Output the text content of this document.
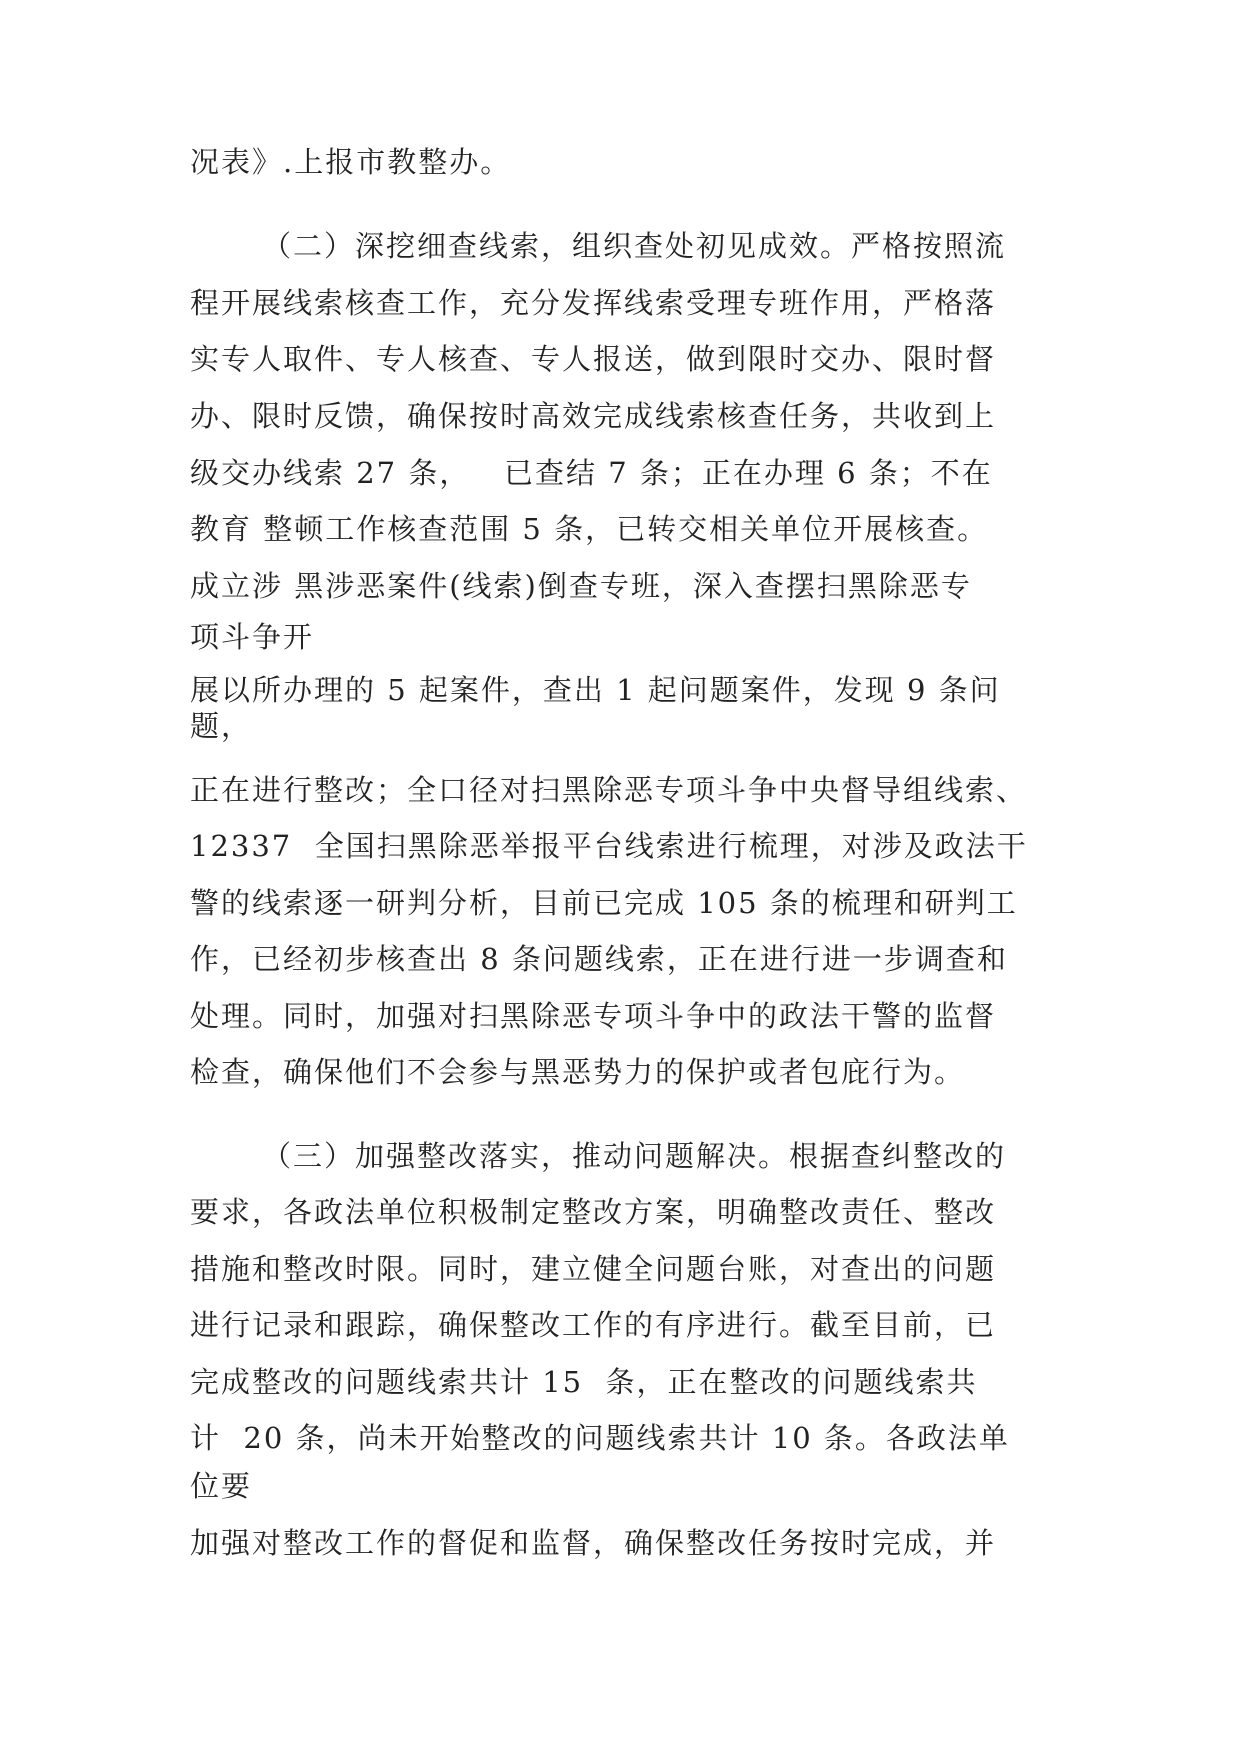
况表》.上报市教整办。
（二）深挖细查线索，组织查处初见成效。严格按照流
程开展线索核查工作，充分发挥线索受理专班作用，严格落
实专人取件、专人核查、专人报送，做到限时交办、限时督
办、限时反馈，确保按时高效完成线索核查任务，共收到上
级交办线索 27 条，   已查结 7 条；正在办理 6 条；不在
教育 整顿工作核查范围 5 条，已转交相关单位开展核查。
成立涉 黑涉恶案件(线索)倒查专班，深入查摆扫黑除恶专
项斗争开
展以所办理的 5 起案件，查出 1 起问题案件，发现 9 条问
题，
正在进行整改；全口径对扫黑除恶专项斗争中央督导组线索、
12337  全国扫黑除恶举报平台线索进行梳理，对涉及政法干
警的线索逐一研判分析，目前已完成 105 条的梳理和研判工
作，已经初步核查出 8 条问题线索，正在进行进一步调查和
处理。同时，加强对扫黑除恶专项斗争中的政法干警的监督
检查，确保他们不会参与黑恶势力的保护或者包庇行为。
（三）加强整改落实，推动问题解决。根据查纠整改的
要求，各政法单位积极制定整改方案，明确整改责任、整改
措施和整改时限。同时，建立健全问题台账，对查出的问题
进行记录和跟踪，确保整改工作的有序进行。截至目前，已
完成整改的问题线索共计 15  条，正在整改的问题线索共
计  20 条，尚未开始整改的问题线索共计 10 条。各政法单
位要
加强对整改工作的督促和监督，确保整改任务按时完成，并
